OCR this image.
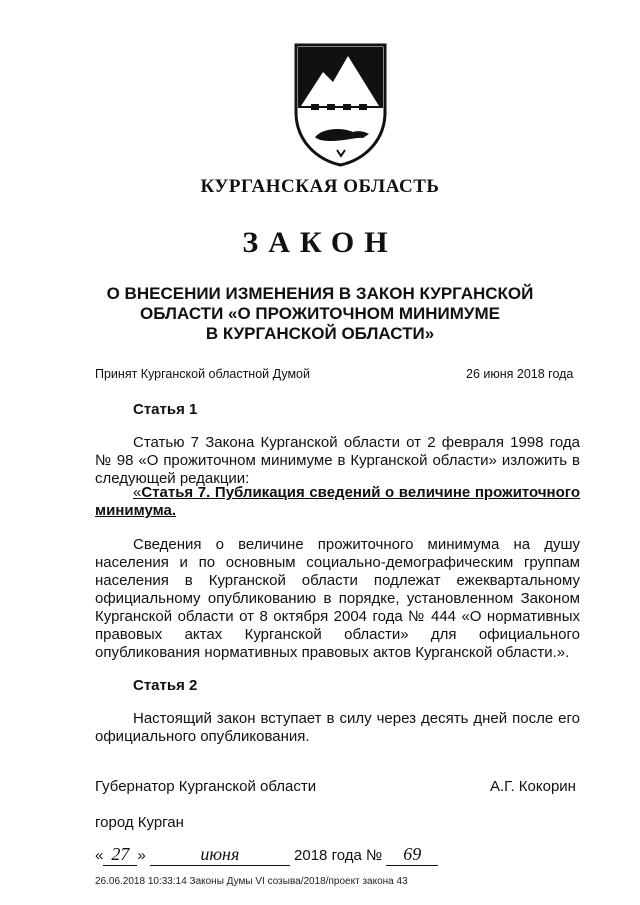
КУРГАНСКАЯ ОБЛАСТЬ
ЗАКОН
О ВНЕСЕНИИ ИЗМЕНЕНИЯ В ЗАКОН КУРГАНСКОЙ
ОБЛАСТИ «О ПРОЖИТОЧНОМ МИНИМУМЕ
В КУРГАНСКОЙ ОБЛАСТИ»
Принят Курганской областной Думой	26 июня 2018 года
Статья 1
Статью 7 Закона Курганской области от 2 февраля 1998 года № 98 «О прожиточном минимуме в Курганской области» изложить в следующей редакции:
«Статья 7. Публикация сведений о величине прожиточного минимума.
Сведения о величине прожиточного минимума на душу населения и по основным социально-демографическим группам населения в Курганской области подлежат ежеквартальному официальному опубликованию в порядке, установленном Законом Курганской области от 8 октября 2004 года № 444 «О нормативных правовых актах Курганской области» для официального опубликования нормативных правовых актов Курганской области.».
Статья 2
Настоящий закон вступает в силу через десять дней после его официального опубликования.
Губернатор Курганской области	А.Г. Кокорин
город Курган
« 27 »	июня	2018 года № 69
26.06.2018 10:33:14 Законы Думы VI созыва/2018/проект закона 43
